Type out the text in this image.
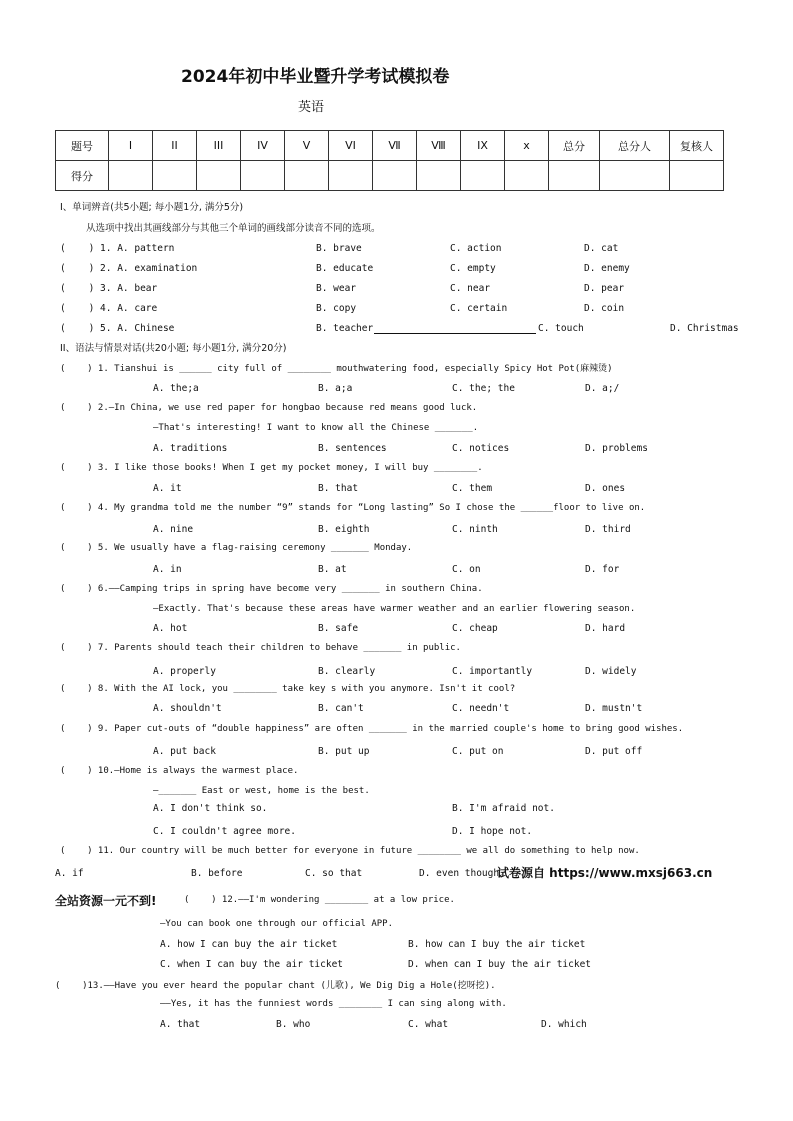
2024年初中毕业暨升学考试模拟卷
英语
题号	I	II	III	IV	V	VI	Ⅶ	Ⅷ	IX	x	总分	总分人	复核人
得分													
I、单词辨音(共5小题; 每小题1分, 满分5分)
从选项中找出其画线部分与其他三个单词的画线部分读音不同的选项。
(    ) 1. A. pattern	B. brave	C. action	D. cat
(    ) 2. A. examination	B. educate	C. empty	D. enemy
(    ) 3. A. bear	B. wear	C. near	D. pear
(    ) 4. A. care	B. copy	C. certain	D. coin
(    ) 5. A. Chinese	B. teacher	C. touch	D. Christmas
II、语法与情景对话(共20小题; 每小题1分, 满分20分)
(    ) 1. Tianshui is ______ city full of ________ mouthwatering food, especially Spicy Hot Pot(麻辣烫)
A. the;a	B. a;a	C. the; the	D. a;/
(    ) 2.—In China, we use red paper for hongbao because red means good luck.
—That's interesting! I want to know all the Chinese _______.
A. traditions	B. sentences	C. notices	D. problems
(    ) 3. I like those books! When I get my pocket money, I will buy ________.
A. it	B. that	C. them	D. ones
(    ) 4. My grandma told me the number “9” stands for “Long lasting” So I chose the ______floor to live on.
A. nine	B. eighth	C. ninth	D. third
(    ) 5. We usually have a flag-raising ceremony _______ Monday.
A. in	B. at	C. on	D. for
(    ) 6.——Camping trips in spring have become very _______ in southern China.
—Exactly. That's because these areas have warmer weather and an earlier flowering season.
A. hot	B. safe	C. cheap	D. hard
(    ) 7. Parents should teach their children to behave _______ in public.
A. properly	B. clearly	C. importantly	D. widely
(    ) 8. With the AI lock, you ________ take key s with you anymore. Isn't it cool?
A. shouldn't	B. can't	C. needn't	D. mustn't
(    ) 9. Paper cut-outs of “double happiness” are often _______ in the married couple's home to bring good wishes.
A. put back	B. put up	C. put on	D. put off
(    ) 10.—Home is always the warmest place.
—_______ East or west, home is the best.
A. I don't think so.	B. I'm afraid not.
C. I couldn't agree more.	D. I hope not.
(    ) 11. Our country will be much better for everyone in future ________ we all do something to help now.
A. if	B. before	C. so that	D. even though
试卷源自 https://www.mxsj663.cn
全站资源一元不到!	(    ) 12.——I'm wondering ________ at a low price.
—You can book one through our official APP.
A. how I can buy the air ticket	B. how can I buy the air ticket
C. when I can buy the air ticket	D. when can I buy the air ticket
(    )13.——Have you ever heard the popular chant (儿歌), We Dig Dig a Hole(挖呀挖).
——Yes, it has the funniest words ________ I can sing along with.
A. that	B. who	C. what	D. which
